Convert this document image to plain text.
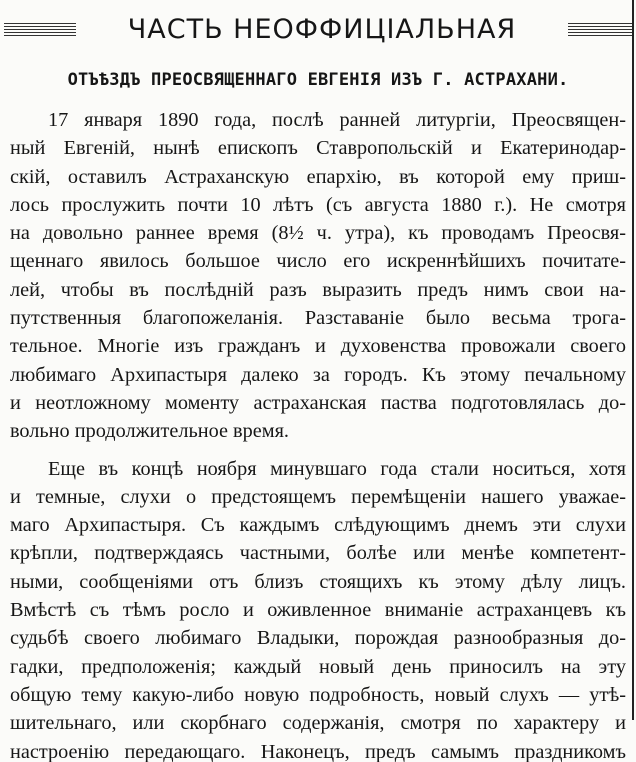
ЧАСТЬ НЕОФФИЦІАЛЬНАЯ
ОТЪѢЗДЪ ПРЕОСВЯЩЕННАГО ЕВГЕНІЯ ИЗЪ Г. АСТРАХАНИ.
17 января 1890 года, послѣ ранней литургіи, Преосвящен-
ный Евгеній, нынѣ епископъ Ставропольскій и Екатеринодар-
скій, оставилъ Астраханскую епархію, въ которой ему приш-
лось прослужить почти 10 лѣтъ (съ августа 1880 г.). Не смотря
на довольно раннее время (8½ ч. утра), къ проводамъ Преосвя-
щеннаго явилось большое число его искреннѣйшихъ почитате-
лей, чтобы въ послѣдній разъ выразить предъ нимъ свои на-
путственныя благопожеланія. Разставаніе было весьма трога-
тельное. Многіе изъ гражданъ и духовенства провожали своего
любимаго Архипастыря далеко за городъ. Къ этому печальному
и неотложному моменту астраханская паства подготовлялась до-
вольно продолжительное время.
Еще въ концѣ ноября минувшаго года стали носиться, хотя
и темные, слухи о предстоящемъ перемѣщеніи нашего уважае-
маго Архипастыря. Съ каждымъ слѣдующимъ днемъ эти слухи
крѣпли, подтверждаясь частными, болѣе или менѣе компетент-
ными, сообщеніями отъ близъ стоящихъ къ этому дѣлу лицъ.
Вмѣстѣ съ тѣмъ росло и оживленное вниманіе астраханцевъ къ
судьбѣ своего любимаго Владыки, порождая разнообразныя до-
гадки, предположенія; каждый новый день приносилъ на эту
общую тему какую-либо новую подробность, новый слухъ — утѣ-
шительнаго, или скорбнаго содержанія, смотря по характеру и
настроенію передающаго. Наконецъ, предъ самымъ праздникомъ
